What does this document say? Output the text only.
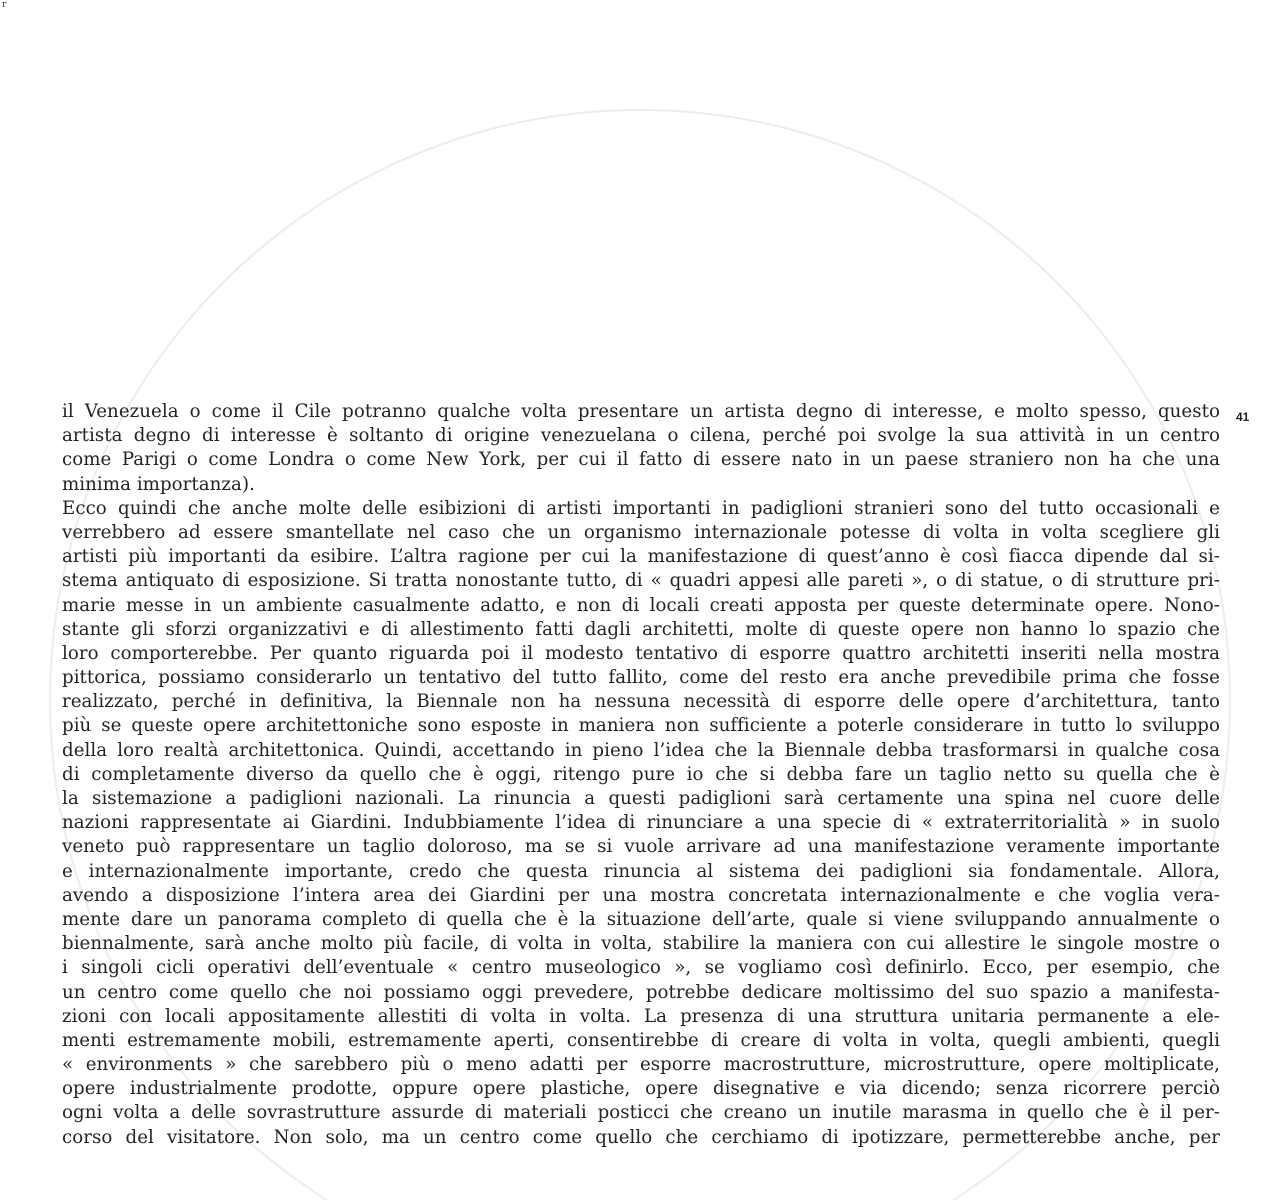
r
41
il Venezuela o come il Cile potranno qualche volta presentare un artista degno di interesse, e molto spesso, questo
artista degno di interesse è soltanto di origine venezuelana o cilena, perché poi svolge la sua attività in un centro
come Parigi o come Londra o come New York, per cui il fatto di essere nato in un paese straniero non ha che una
minima importanza).
Ecco quindi che anche molte delle esibizioni di artisti importanti in padiglioni stranieri sono del tutto occasionali e
verrebbero ad essere smantellate nel caso che un organismo internazionale potesse di volta in volta scegliere gli
artisti più importanti da esibire. L’altra ragione per cui la manifestazione di quest’anno è così fiacca dipende dal si-
stema antiquato di esposizione. Si tratta nonostante tutto, di « quadri appesi alle pareti », o di statue, o di strutture pri-
marie messe in un ambiente casualmente adatto, e non di locali creati apposta per queste determinate opere. Nono-
stante gli sforzi organizzativi e di allestimento fatti dagli architetti, molte di queste opere non hanno lo spazio che
loro comporterebbe. Per quanto riguarda poi il modesto tentativo di esporre quattro architetti inseriti nella mostra
pittorica, possiamo considerarlo un tentativo del tutto fallito, come del resto era anche prevedibile prima che fosse
realizzato, perché in definitiva, la Biennale non ha nessuna necessità di esporre delle opere d’architettura, tanto
più se queste opere architettoniche sono esposte in maniera non sufficiente a poterle considerare in tutto lo sviluppo
della loro realtà architettonica. Quindi, accettando in pieno l’idea che la Biennale debba trasformarsi in qualche cosa
di completamente diverso da quello che è oggi, ritengo pure io che si debba fare un taglio netto su quella che è
la sistemazione a padiglioni nazionali. La rinuncia a questi padiglioni sarà certamente una spina nel cuore delle
nazioni rappresentate ai Giardini. Indubbiamente l’idea di rinunciare a una specie di « extraterritorialità » in suolo
veneto può rappresentare un taglio doloroso, ma se si vuole arrivare ad una manifestazione veramente importante
e internazionalmente importante, credo che questa rinuncia al sistema dei padiglioni sia fondamentale. Allora,
avendo a disposizione l’intera area dei Giardini per una mostra concretata internazionalmente e che voglia vera-
mente dare un panorama completo di quella che è la situazione dell’arte, quale si viene sviluppando annualmente o
biennalmente, sarà anche molto più facile, di volta in volta, stabilire la maniera con cui allestire le singole mostre o
i singoli cicli operativi dell’eventuale « centro museologico », se vogliamo così definirlo. Ecco, per esempio, che
un centro come quello che noi possiamo oggi prevedere, potrebbe dedicare moltissimo del suo spazio a manifesta-
zioni con locali appositamente allestiti di volta in volta. La presenza di una struttura unitaria permanente a ele-
menti estremamente mobili, estremamente aperti, consentirebbe di creare di volta in volta, quegli ambienti, quegli
« environments » che sarebbero più o meno adatti per esporre macrostrutture, microstrutture, opere moltiplicate,
opere industrialmente prodotte, oppure opere plastiche, opere disegnative e via dicendo; senza ricorrere perciò
ogni volta a delle sovrastrutture assurde di materiali posticci che creano un inutile marasma in quello che è il per-
corso del visitatore. Non solo, ma un centro come quello che cerchiamo di ipotizzare, permetterebbe anche, per
